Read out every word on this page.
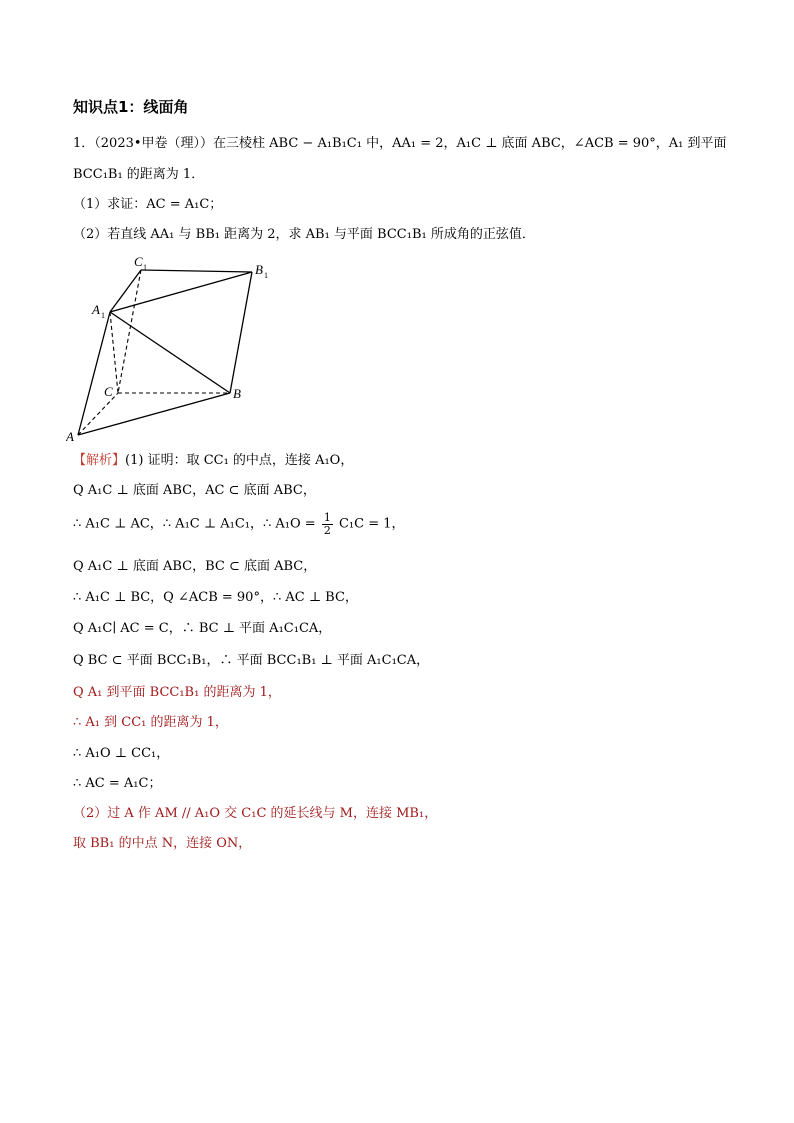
知识点1：线面角
1．（2023•甲卷（理））在三棱柱 ABC − A₁B₁C₁ 中，AA₁ = 2，A₁C ⊥ 底面 ABC，∠ACB = 90°，A₁ 到平面
BCC₁B₁ 的距离为 1．
（1）求证：AC = A₁C；
（2）若直线 AA₁ 与 BB₁ 距离为 2，求 AB₁ 与平面 BCC₁B₁ 所成角的正弦值．
A
B
C
A 1
C 1	B 1
【解析】(1) 证明：取 CC₁ 的中点，连接 A₁O，
Q A₁C ⊥ 底面 ABC，AC ⊂ 底面 ABC，
∴ A₁C ⊥ AC，∴ A₁C ⊥ A₁C₁，∴ $A_1O = \frac{1}{2} C_1C = 1$，
Q A₁C ⊥ 底面 ABC，BC ⊂ 底面 ABC，
∴ A₁C ⊥ BC，Q ∠ACB = 90°，∴ AC ⊥ BC，
Q A₁C∣ AC = C，∴ BC ⊥ 平面 A₁C₁CA，
Q BC ⊂ 平面 BCC₁B₁，∴ 平面 BCC₁B₁ ⊥ 平面 A₁C₁CA，
Q A₁ 到平面 BCC₁B₁ 的距离为 1，
∴ A₁ 到 CC₁ 的距离为 1，
∴ A₁O ⊥ CC₁，
∴ AC = A₁C；
（2）过 A 作 AM // A₁O 交 C₁C 的延长线与 M，连接 MB₁，
取 BB₁ 的中点 N，连接 ON，
